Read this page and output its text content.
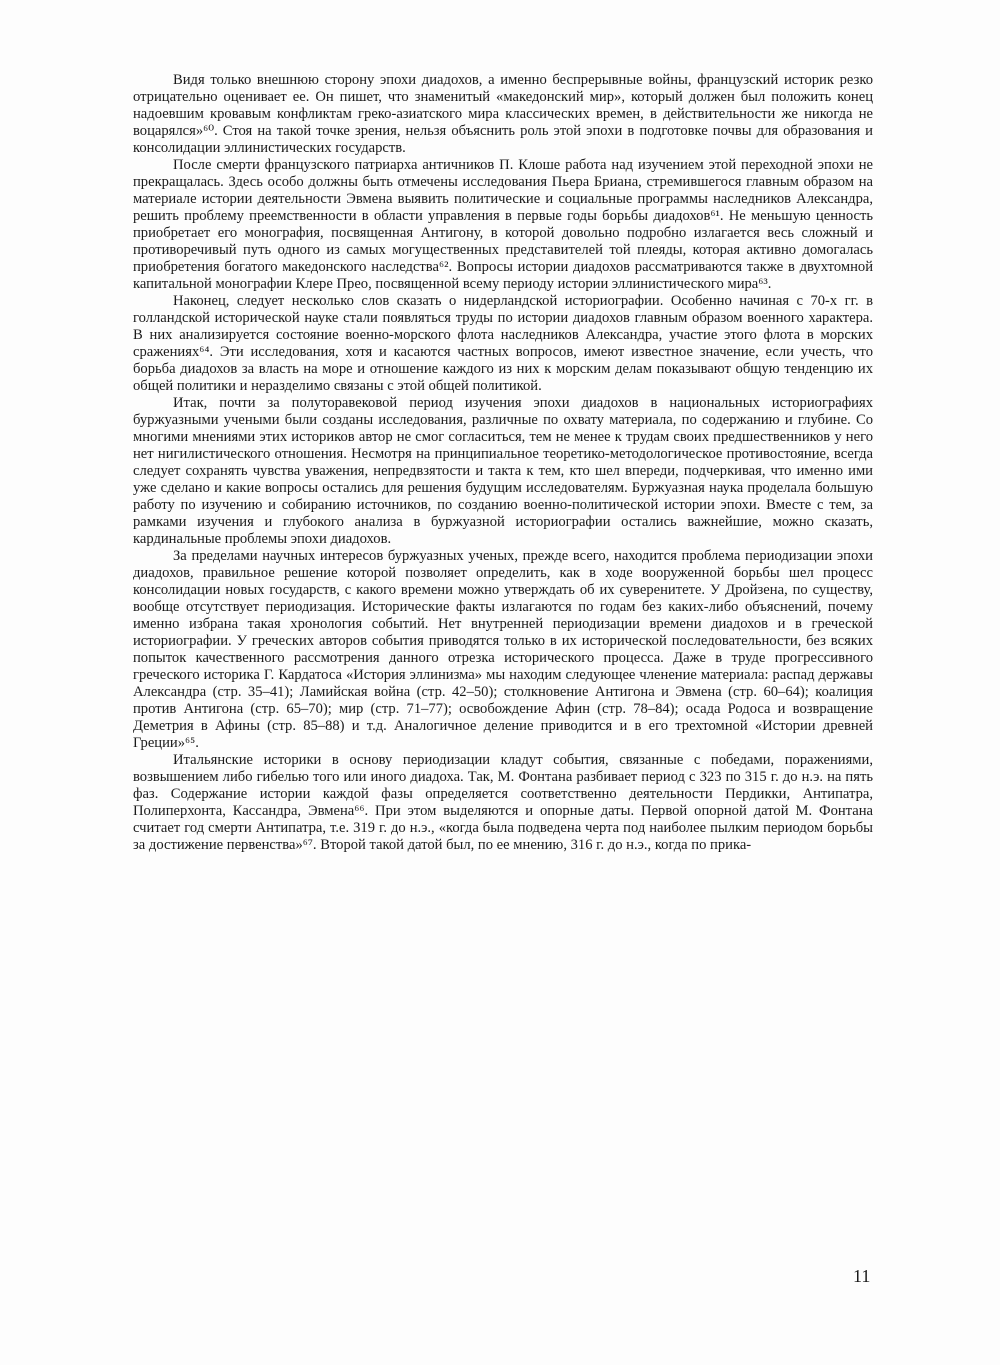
Видя только внешнюю сторону эпохи диадохов, а именно беспрерывные войны, французский историк резко отрицательно оценивает ее. Он пишет, что знаменитый «македонский мир», который должен был положить конец надоевшим кровавым конфликтам греко-азиатского мира классических времен, в действительности же никогда не воцарялся»⁶⁰. Стоя на такой точке зрения, нельзя объяснить роль этой эпохи в подготовке почвы для образования и консолидации эллинистических государств.

После смерти французского патриарха античников П. Клоше работа над изучением этой переходной эпохи не прекращалась. Здесь особо должны быть отмечены исследования Пьера Бриана, стремившегося главным образом на материале истории деятельности Эвмена выявить политические и социальные программы наследников Александра, решить проблему преемственности в области управления в первые годы борьбы диадохов⁶¹. Не меньшую ценность приобретает его монография, посвященная Антигону, в которой довольно подробно излагается весь сложный и противоречивый путь одного из самых могущественных представителей той плеяды, которая активно домогалась приобретения богатого македонского наследства⁶². Вопросы истории диадохов рассматриваются также в двухтомной капитальной монографии Клере Прео, посвященной всему периоду истории эллинистического мира⁶³.

Наконец, следует несколько слов сказать о нидерландской историографии. Особенно начиная с 70-х гг. в голландской исторической науке стали появляться труды по истории диадохов главным образом военного характера. В них анализируется состояние военно-морского флота наследников Александра, участие этого флота в морских сражениях⁶⁴. Эти исследования, хотя и касаются частных вопросов, имеют известное значение, если учесть, что борьба диадохов за власть на море и отношение каждого из них к морским делам показывают общую тенденцию их общей политики и неразделимо связаны с этой общей политикой.

Итак, почти за полуторавековой период изучения эпохи диадохов в национальных историографиях буржуазными учеными были созданы исследования, различные по охвату материала, по содержанию и глубине. Со многими мнениями этих историков автор не смог согласиться, тем не менее к трудам своих предшественников у него нет нигилистического отношения. Несмотря на принципиальное теоретико-методологическое противостояние, всегда следует сохранять чувства уважения, непредвзятости и такта к тем, кто шел впереди, подчеркивая, что именно ими уже сделано и какие вопросы остались для решения будущим исследователям. Буржуазная наука проделала большую работу по изучению и собиранию источников, по созданию военно-политической истории эпохи. Вместе с тем, за рамками изучения и глубокого анализа в буржуазной историографии остались важнейшие, можно сказать, кардинальные проблемы эпохи диадохов.

За пределами научных интересов буржуазных ученых, прежде всего, находится проблема периодизации эпохи диадохов, правильное решение которой позволяет определить, как в ходе вооруженной борьбы шел процесс консолидации новых государств, с какого времени можно утверждать об их суверенитете. У Дройзена, по существу, вообще отсутствует периодизация. Исторические факты излагаются по годам без каких-либо объяснений, почему именно избрана такая хронология событий. Нет внутренней периодизации времени диадохов и в греческой историографии. У греческих авторов события приводятся только в их исторической последовательности, без всяких попыток качественного рассмотрения данного отрезка исторического процесса. Даже в труде прогрессивного греческого историка Г. Кардатоса «История эллинизма» мы находим следующее членение материала: распад державы Александра (стр. 35–41); Ламийская война (стр. 42–50); столкновение Антигона и Эвмена (стр. 60–64); коалиция против Антигона (стр. 65–70); мир (стр. 71–77); освобождение Афин (стр. 78–84); осада Родоса и возвращение Деметрия в Афины (стр. 85–88) и т.д. Аналогичное деление приводится и в его трехтомной «Истории древней Греции»⁶⁵.

Итальянские историки в основу периодизации кладут события, связанные с победами, поражениями, возвышением либо гибелью того или иного диадоха. Так, М. Фонтана разбивает период с 323 по 315 г. до н.э. на пять фаз. Содержание истории каждой фазы определяется соответственно деятельности Пердикки, Антипатра, Полиперхонта, Кассандра, Эвмена⁶⁶. При этом выделяются и опорные даты. Первой опорной датой М. Фонтана считает год смерти Антипатра, т.е. 319 г. до н.э., «когда была подведена черта под наиболее пылким периодом борьбы за достижение первенства»⁶⁷. Второй такой датой был, по ее мнению, 316 г. до н.э., когда по прика-

11
